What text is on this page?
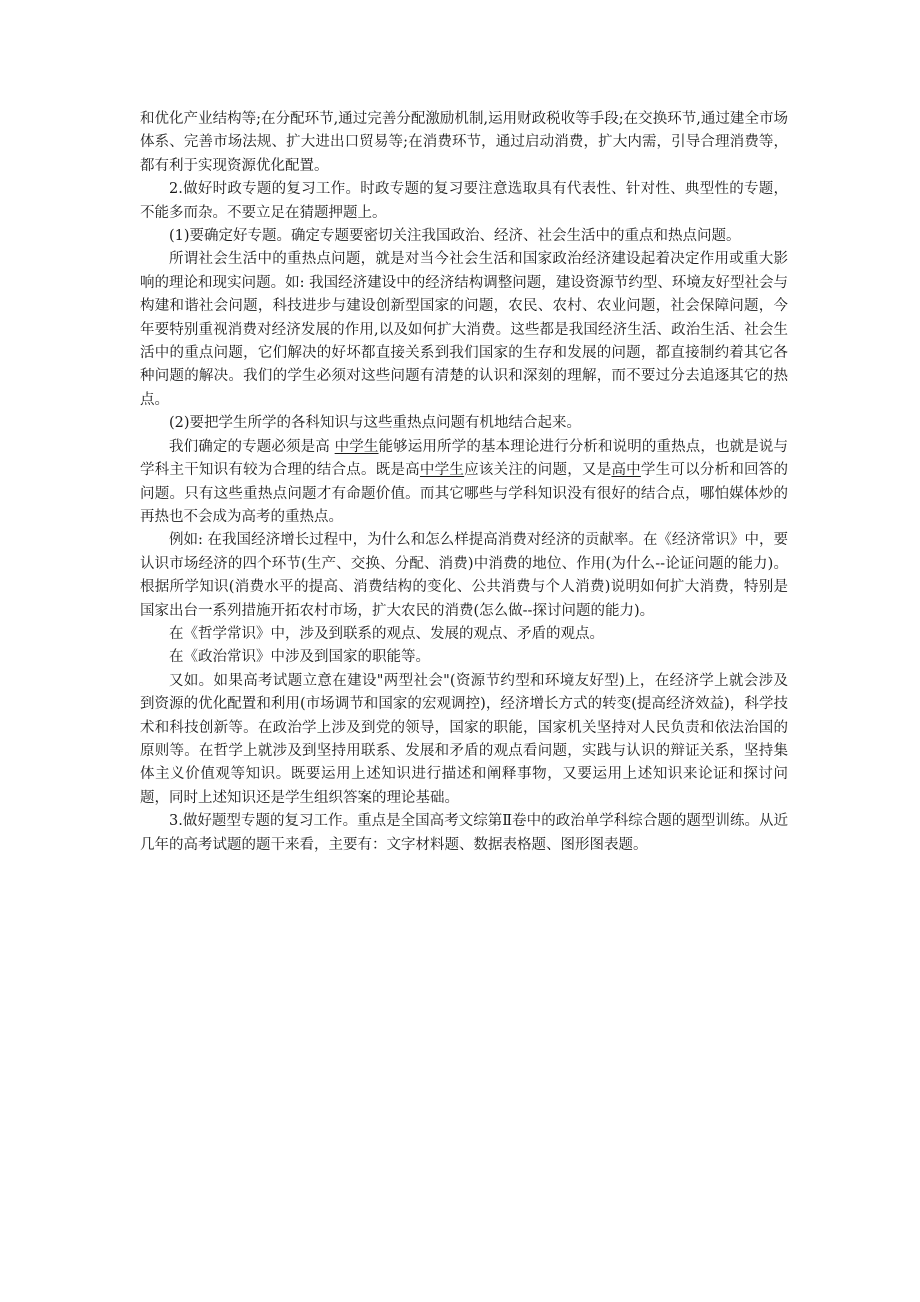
和优化产业结构等;在分配环节,通过完善分配激励机制,运用财政税收等手段;在交换环节,通过建全市场体系、完善市场法规、扩大进出口贸易等;在消费环节，通过启动消费，扩大内需，引导合理消费等，都有利于实现资源优化配置。

2.做好时政专题的复习工作。时政专题的复习要注意选取具有代表性、针对性、典型性的专题，不能多而杂。不要立足在猜题押题上。

(1)要确定好专题。确定专题要密切关注我国政治、经济、社会生活中的重点和热点问题。

所谓社会生活中的重热点问题，就是对当今社会生活和国家政治经济建设起着决定作用或重大影响的理论和现实问题。如: 我国经济建设中的经济结构调整问题，建设资源节约型、环境友好型社会与构建和谐社会问题，科技进步与建设创新型国家的问题，农民、农村、农业问题，社会保障问题，今年要特别重视消费对经济发展的作用,以及如何扩大消费。这些都是我国经济生活、政治生活、社会生活中的重点问题，它们解决的好坏都直接关系到我们国家的生存和发展的问题，都直接制约着其它各种问题的解决。我们的学生必须对这些问题有清楚的认识和深刻的理解，而不要过分去追逐其它的热点。

(2)要把学生所学的各科知识与这些重热点问题有机地结合起来。

我们确定的专题必须是高 中学生能够运用所学的基本理论进行分析和说明的重热点，也就是说与学科主干知识有较为合理的结合点。既是高中学生应该关注的问题，又是高中学生可以分析和回答的问题。只有这些重热点问题才有命题价值。而其它哪些与学科知识没有很好的结合点，哪怕媒体炒的再热也不会成为高考的重热点。

例如: 在我国经济增长过程中，为什么和怎么样提高消费对经济的贡献率。在《经济常识》中，要认识市场经济的四个环节(生产、交换、分配、消费)中消费的地位、作用(为什么--论证问题的能力)。根据所学知识(消费水平的提高、消费结构的变化、公共消费与个人消费)说明如何扩大消费，特别是国家出台一系列措施开拓农村市场，扩大农民的消费(怎么做--探讨问题的能力)。

在《哲学常识》中，涉及到联系的观点、发展的观点、矛盾的观点。

在《政治常识》中涉及到国家的职能等。

又如。如果高考试题立意在建设"两型社会"(资源节约型和环境友好型)上，在经济学上就会涉及到资源的优化配置和利用(市场调节和国家的宏观调控)，经济增长方式的转变(提高经济效益)，科学技术和科技创新等。在政治学上涉及到党的领导，国家的职能，国家机关坚持对人民负责和依法治国的原则等。在哲学上就涉及到坚持用联系、发展和矛盾的观点看问题，实践与认识的辩证关系，坚持集体主义价值观等知识。既要运用上述知识进行描述和阐释事物，又要运用上述知识来论证和探讨问题，同时上述知识还是学生组织答案的理论基础。

3.做好题型专题的复习工作。重点是全国高考文综第Ⅱ卷中的政治单学科综合题的题型训练。从近几年的高考试题的题干来看，主要有：文字材料题、数据表格题、图形图表题。
